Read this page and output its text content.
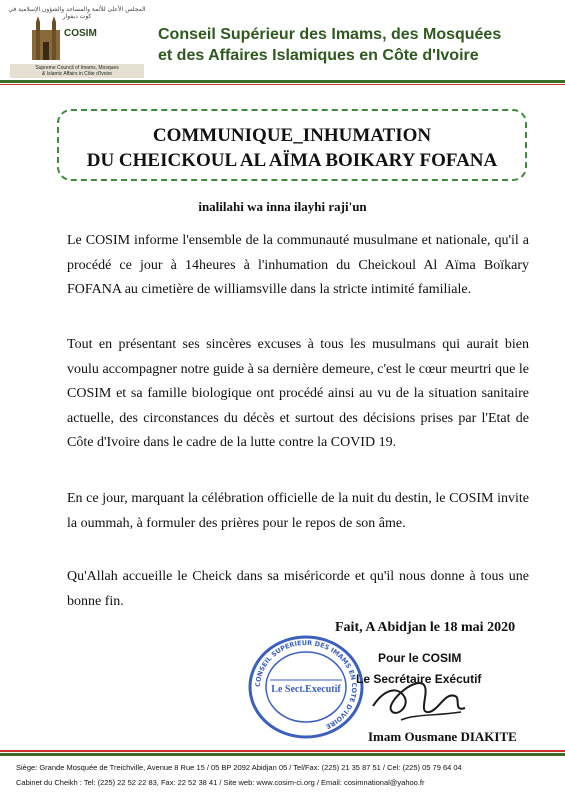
المجلس الأعلى للأئمة والمساجد والشؤون الإسلامية في كوت ديفوار
COSIM
Supreme Council of Imams, Mosques
& Islamic Affairs in Côte d'Ivoire
Conseil Supérieur des Imams, des Mosquées
et des Affaires Islamiques en Côte d'Ivoire
COMMUNIQUE_INHUMATION
DU CHEICKOUL AL AÏMA BOIKARY FOFANA
inalilahi wa inna ilayhi raji'un

Le COSIM informe l'ensemble de la communauté musulmane et nationale, qu'il a procédé ce jour à 14heures à l'inhumation du Cheickoul Al Aïma Boïkary FOFANA au cimetière de williamsville dans la stricte intimité familiale.

Tout en présentant ses sincères excuses à tous les musulmans qui aurait bien voulu accompagner notre guide à sa dernière demeure, c'est le cœur meurtri que le COSIM et sa famille biologique ont procédé ainsi au vu de la situation sanitaire actuelle, des circonstances du décès et surtout des décisions prises par l'Etat de Côte d'Ivoire dans le cadre de la lutte contre la COVID 19.

En ce jour, marquant la célébration officielle de la nuit du destin, le COSIM invite la oummah, à formuler des prières pour le repos de son âme.

Qu'Allah accueille le Cheick dans sa miséricorde et qu'il nous donne à tous une bonne fin.

Fait, A Abidjan le 18 mai 2020
CONSEIL SUPERIEUR DES IMAMS EN COTE D'IVOIRE
Le Sect.Executif
Pour le COSIM
Le Secrétaire Exécutif
Imam Ousmane DIAKITE
Siège: Grande Mosquée de Treichville, Avenue 8 Rue 15 / 05 BP 2092 Abidjan 05 / Tel/Fax: (225) 21 35 87 51 / Cel: (225) 05 79 64 04
Cabinet du Cheikh : Tel: (225) 22 52 22 83, Fax: 22 52 38 41 / Site web: www.cosim-ci.org / Email: cosimnational@yahoo.fr
